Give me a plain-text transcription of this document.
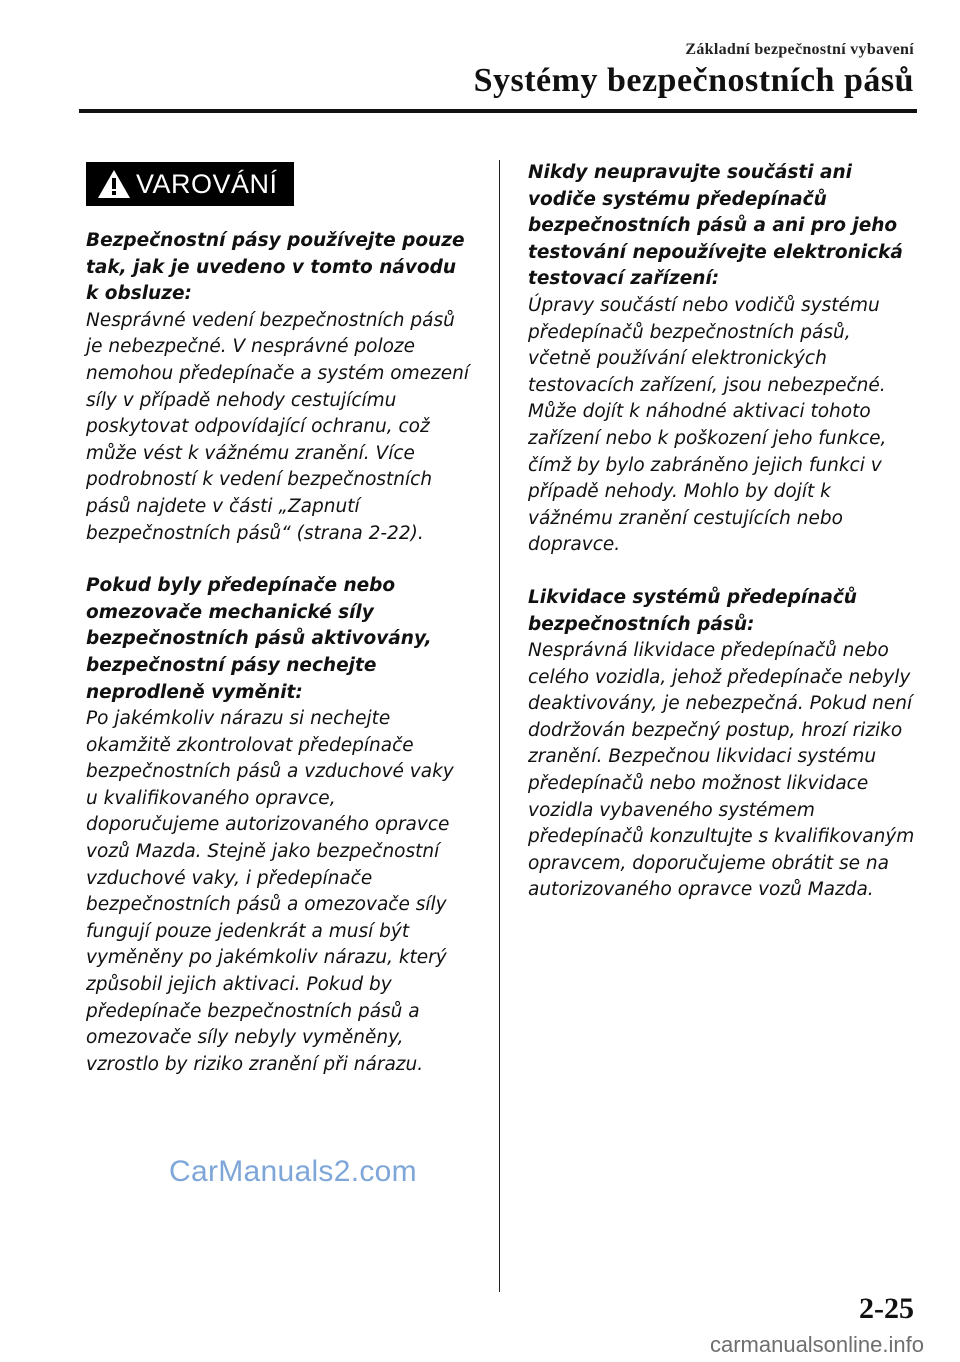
Základní bezpečnostní vybavení
Systémy bezpečnostních pásů
VAROVÁNÍ

Bezpečnostní pásy používejte pouze tak, jak je uvedeno v tomto návodu k obsluze:

Nesprávné vedení bezpečnostních pásů je nebezpečné. V nesprávné poloze nemohou předepínače a systém omezení síly v případě nehody cestujícímu poskytovat odpovídající ochranu, což může vést k vážnému zranění. Více podrobností k vedení bezpečnostních pásů najdete v části „Zapnutí bezpečnostních pásů“ (strana 2-22).

Pokud byly předepínače nebo omezovače mechanické síly bezpečnostních pásů aktivovány, bezpečnostní pásy nechejte neprodleně vyměnit:

Po jakémkoliv nárazu si nechejte okamžitě zkontrolovat předepínače bezpečnostních pásů a vzduchové vaky u kvalifikovaného opravce, doporučujeme autorizovaného opravce vozů Mazda. Stejně jako bezpečnostní vzduchové vaky, i předepínače bezpečnostních pásů a omezovače síly fungují pouze jedenkrát a musí být vyměněny po jakémkoliv nárazu, který způsobil jejich aktivaci. Pokud by předepínače bezpečnostních pásů a omezovače síly nebyly vyměněny, vzrostlo by riziko zranění při nárazu.

Nikdy neupravujte součásti ani vodiče systému předepínačů bezpečnostních pásů a ani pro jeho testování nepoužívejte elektronická testovací zařízení:

Úpravy součástí nebo vodičů systému předepínačů bezpečnostních pásů, včetně používání elektronických testovacích zařízení, jsou nebezpečné. Může dojít k náhodné aktivaci tohoto zařízení nebo k poškození jeho funkce, čímž by bylo zabráněno jejich funkci v případě nehody. Mohlo by dojít k vážnému zranění cestujících nebo dopravce.

Likvidace systémů předepínačů bezpečnostních pásů:

Nesprávná likvidace předepínačů nebo celého vozidla, jehož předepínače nebyly deaktivovány, je nebezpečná. Pokud není dodržován bezpečný postup, hrozí riziko zranění. Bezpečnou likvidaci systému předepínačů nebo možnost likvidace vozidla vybaveného systémem předepínačů konzultujte s kvalifikovaným opravcem, doporučujeme obrátit se na autorizovaného opravce vozů Mazda.

CarManuals2.com
2-25
carmanualsonline.info
